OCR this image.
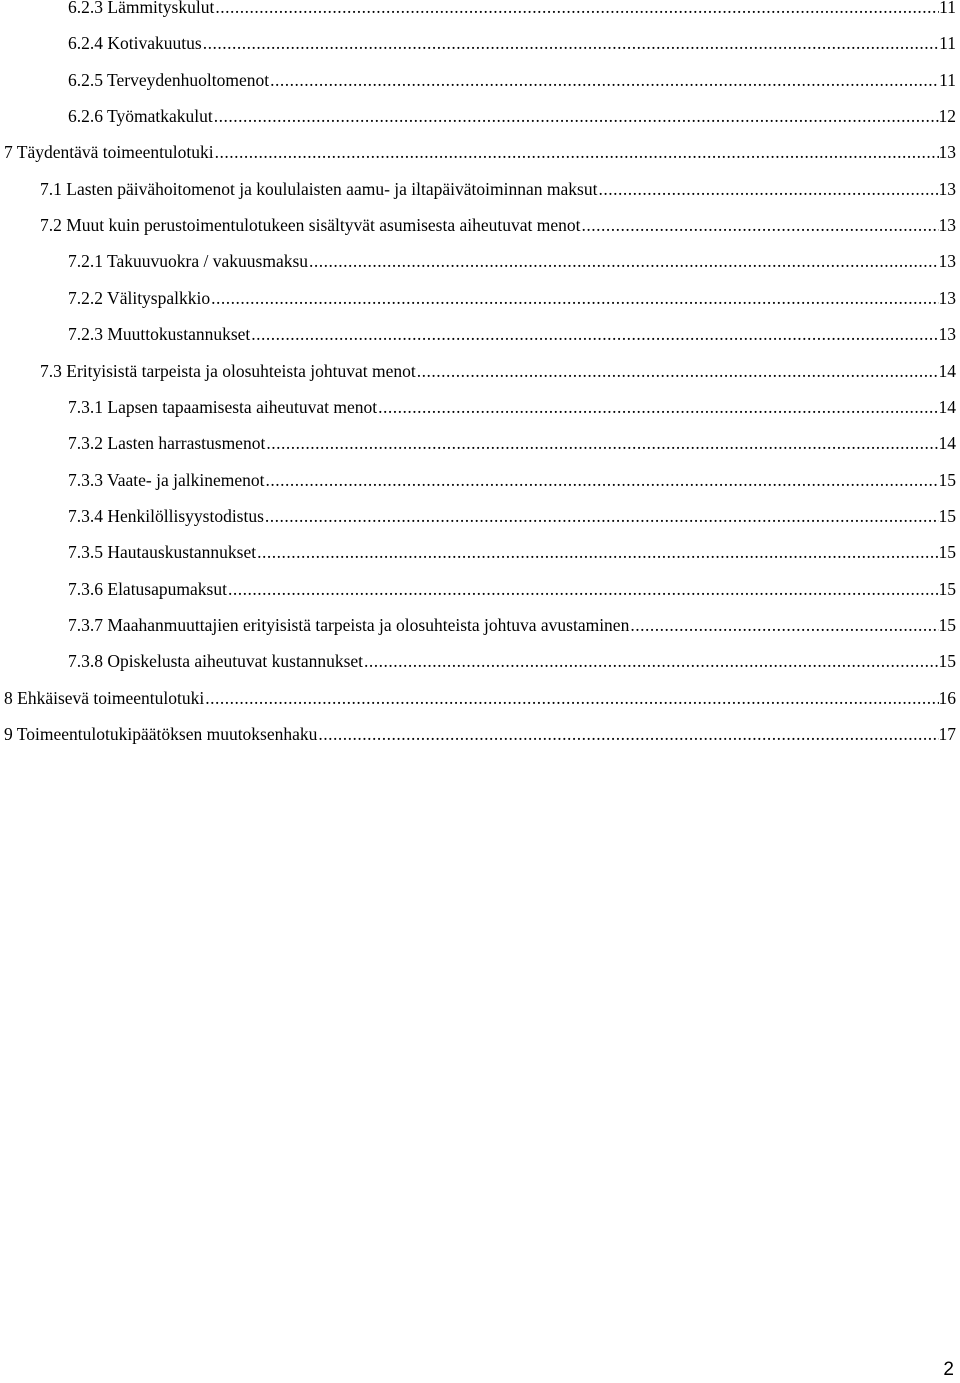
6.2.3 Lämmityskulut .....	11
6.2.4 Kotivakuutus .....	11
6.2.5 Terveydenhuoltomenot .....	11
6.2.6 Työmatkakulut .....	12
7 Täydentävä toimeentulotuki .....	13
7.1 Lasten päivähoitomenot ja koululaisten aamu- ja iltapäivätoiminnan maksut .....	13
7.2 Muut kuin perustoimentulotukeen sisältyvät asumisesta aiheutuvat menot .....	13
7.2.1 Takuuvuokra / vakuusmaksu .....	13
7.2.2 Välityspalkkio .....	13
7.2.3 Muuttokustannukset .....	13
7.3 Erityisistä tarpeista ja olosuhteista johtuvat menot .....	14
7.3.1 Lapsen tapaamisesta aiheutuvat menot .....	14
7.3.2 Lasten harrastusmenot .....	14
7.3.3 Vaate- ja jalkinemenot .....	15
7.3.4 Henkilöllisyystodistus .....	15
7.3.5 Hautauskustannukset .....	15
7.3.6 Elatusapumaksut .....	15
7.3.7 Maahanmuuttajien erityisistä tarpeista ja olosuhteista johtuva avustaminen .....	15
7.3.8 Opiskelusta aiheutuvat kustannukset .....	15
8 Ehkäisevä toimeentulotuki .....	16
9 Toimeentulotukipäätöksen muutoksenhaku .....	17
2
